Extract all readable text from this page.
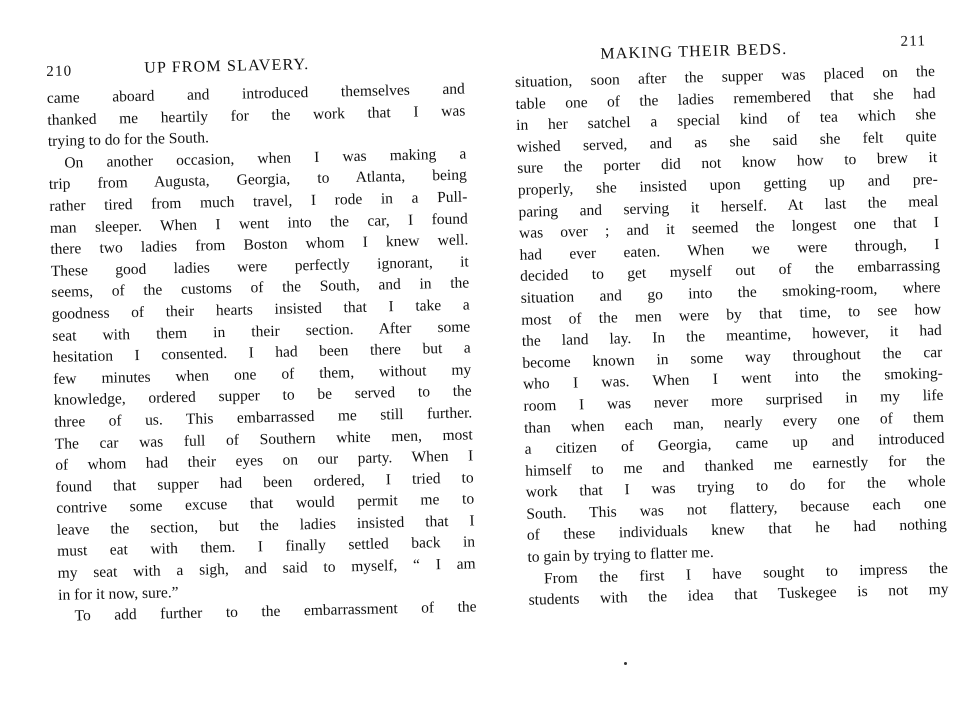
210	UP FROM SLAVERY.
came aboard and introduced themselves and
thanked me heartily for the work that I was
trying to do for the South.
On another occasion, when I was making a
trip from Augusta, Georgia, to Atlanta, being
rather tired from much travel, I rode in a Pull-
man sleeper. When I went into the car, I found
there two ladies from Boston whom I knew well.
These good ladies were perfectly ignorant, it
seems, of the customs of the South, and in the
goodness of their hearts insisted that I take a
seat with them in their section. After some
hesitation I consented. I had been there but a
few minutes when one of them, without my
knowledge, ordered supper to be served to the
three of us. This embarrassed me still further.
The car was full of Southern white men, most
of whom had their eyes on our party. When I
found that supper had been ordered, I tried to
contrive some excuse that would permit me to
leave the section, but the ladies insisted that I
must eat with them. I finally settled back in
my seat with a sigh, and said to myself, “ I am
in for it now, sure.”
To add further to the embarrassment of the
MAKING THEIR BEDS.	211
situation, soon after the supper was placed on the
table one of the ladies remembered that she had
in her satchel a special kind of tea which she
wished served, and as she said she felt quite
sure the porter did not know how to brew it
properly, she insisted upon getting up and pre-
paring and serving it herself. At last the meal
was over ; and it seemed the longest one that I
had ever eaten. When we were through, I
decided to get myself out of the embarrassing
situation and go into the smoking-room, where
most of the men were by that time, to see how
the land lay. In the meantime, however, it had
become known in some way throughout the car
who I was. When I went into the smoking-
room I was never more surprised in my life
than when each man, nearly every one of them
a citizen of Georgia, came up and introduced
himself to me and thanked me earnestly for the
work that I was trying to do for the whole
South. This was not flattery, because each one
of these individuals knew that he had nothing
to gain by trying to flatter me.
From the first I have sought to impress the
students with the idea that Tuskegee is not my
